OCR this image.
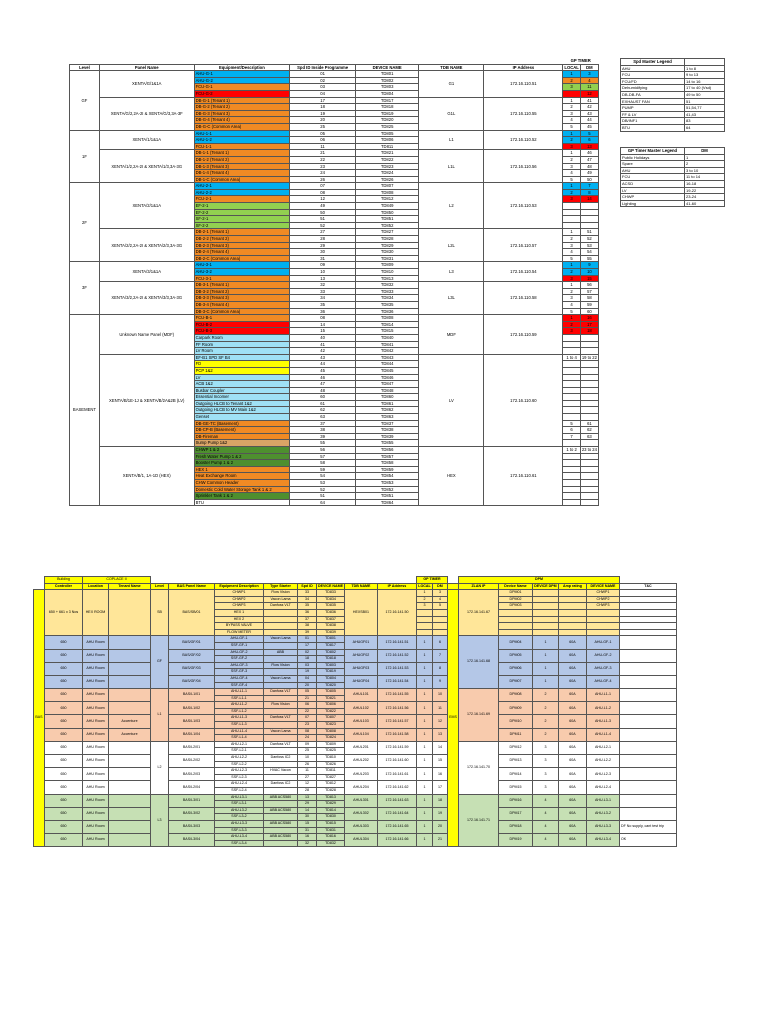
							GP TIMER	
Level	Panel Name	Equipment/Description	Spd ID Inside Programme	DEVICE NAME	TDB NAME	IP Address	LOCAL	DM
GF	XENTA/G/1&1A	AHU-G-1	01	TD801	G1	172.16.110.51	1	3
		AHU-G-2	02	TD802			2	4
		FCU-G-1	03	TD803			3	11
		FCU-G-2	04	TD804				12
	XENTA/G/2,2A-2I & XENTA/G/3,3A-3F	DB-G-1 (Tenant 1)	17	TD817	G1L	172.16.110.55	1	41
		DB-G-2 (Tenant 2)	18	TD818			2	42
		DB-G-3 (Tenant 3)	19	TD819			3	43
		DB-G-4 (Tenant 4)	20	TD820			4	44
		DB-G-C (Common Area)	25	TD825			5	45
1F	XENTA/1/1&1A	AHU-1-1	05	TD805	L1	172.16.110.52	1	5
		AHU-1-2	06	TD806			2	6
		FCU-1-1	11	TD811			3	13
	XENTA/1/2,2A-2I & XENTA/1/3,3A-3G	DB-1-1 (Tenant 1)	21	TD821	L1L	172.16.110.56	1	46
		DB-1-2 (Tenant 2)	22	TD822			2	47
		DB-1-3 (Tenant 3)	23	TD823			3	48
		DB-1-4 (Tenant 4)	24	TD824			4	49
		DB-1-C (Common Area)	26	TD826			5	50
2F	XENTA/2/1&1A	AHU-2-1	07	TD807	L2	172.16.110.53	1	7
		AHU-2-2	08	TD808			2	8
		FCU-2-1	12	TD812			3	14
		EF-2-1	49	TD849				
		EF-2-2	50	TD850				
		SF-2-1	51	TD851				
		SF-2-2	52	TD852				
	XENTA/2/2,2A-2I & XENTA/2/3,3A-3G	DB-2-1 (Tenant 1)	27	TD827	L2L	172.16.110.57	1	51
		DB-2-2 (Tenant 2)	28	TD828			2	52
		DB-2-3 (Tenant 3)	29	TD829			3	53
		DB-2-4 (Tenant 4)	30	TD830			4	54
		DB-2-C (Common Area)	31	TD831			5	55
3F	XENTA/3/1&1A	AHU-3-1	09	TD809	L3	172.16.110.54	1	9
		AHU-3-2	10	TD810			2	10
		FCU-3-1	13	TD813			3	15
	XENTA/3/2,2A-2I & XENTA/3/3,3A-3G	DB-3-1 (Tenant 1)	32	TD832	L3L	172.16.110.58	1	56
		DB-3-2 (Tenant 2)	33	TD833			2	57
		DB-3-3 (Tenant 3)	34	TD834			3	58
		DB-3-4 (Tenant 4)	35	TD835			4	59
		DB-3-C (Common Area)	36	TD836			5	60
BASEMENT	Unknown Name Panel (MDF)	FCU-B-1	08	TD808	MDF	172.16.110.59	1	16
		FCU-B-2	14	TD814			2	17
		FCU-B-3	15	TD815			3	18
		Carpark Room	40	TD840				
		FF Room	41	TD841				
		LV Room	42	TD842				
	XENTA/B/1E-1J & XENTA/B/2A&2B (LV)	EF-B1 SPD SF B4	43	TD843	LV	172.16.110.60	1 to 4	19 to 22
		FD	44	TD844				
		PCP 1&2	45	TD845				
		LV	46	TD846				
		ACB 1&2	47	TD847				
		Busbar Coupler	48	TD848				
		Essential Incomer	60	TD860				
		Outgoing HLCB to Tenant 1&2	61	TD861				
		Outgoing HLCB to MV Main 1&2	62	TD862				
		Genset	63	TD863				
		DB-GE-TC (Basement)	37	TD837			5	61
		DB-CP-B (Basement)	38	TD838			6	62
		DB-Fireman	39	TD839			7	63
		Sump Pump 1&2	55	TD855				
	XENTA/B/1, 1A-1D (HEX)	CHWP 1 & 2	56	TD856	HEX	172.16.110.61	1 to 2	23 to 24
		Fresh Water Pump 1 & 2	57	TD857				
		Booster Pump 1 & 2	58	TD858				
		HEX 1	59	TD859				
		Heat Exchange Room	54	TD854				
		CHW Common Header	53	TD853				
		Domestic Cold Water Storage Tank 1 & 2	52	TD852				
		Sprinkler Tank 1 & 2	51	TD851				
		BTU	64	TD864				
Spd Master Legend	
AHU	1 to 8
FCU	9 to 13
FCU/FD	14 to 16
Dehumidifying	17 to 40 (Vsd)
DB-DB-FA	49 to 50
EXHAUST FAN	51
PUMP	51,54,77
FF & LV	41,43
DB/INF1	83
BTU	64
GP Timer Master Legend	DM
Public Holidays	1
Spare	2
AHU	3 to 10
FCU	11 to 14
ACSD	16-18
LV	19-22
CHWP	23-24
Lighting	41-60
	Building	COPLACE II										GP TIMER			DPM					
	Controller	Location	Tenant Name	Level	BAS Panel Name	Equipment Description	Type Starter	Spd ID	DEVICE NAME	TDB NAME	IP Address	LOCAL	DM		ZLAN IP	Device Name	DEVICE DPM	Amp rating	DEVICE NAME	T&C
BAS	650 + 661 x 3 Nos	HEX ROOM		SB	BAS/SB/01	CHWP1	Flow Vision	33	TD833	HEXSB01	172.16.141.50	1	3	EMS	172.16.141.67	DPM01			CHWP1	
						CHWP2	Vacon Lama	34	TD834			2	4			DPM02			CHWP2	
						CHWP3	Danfoss VLT	35	TD835			3	5			DPM03			CHWP3	
						HEX 1		36	TD836											
						HEX 2		37	TD837											
						BYPASS VALVE		38	TD838											
						FLOW METER		39	TD839											
	650	AHU Room		GF	BAS/GF/01	AHU-GF-1	Vacon Lama	01	TD801	AHUGF01	172.16.141.51	1	6		172.16.141.68	DPM04	1	60A	AHU-GF-1	
						SSF-GF-1		17	TD817											
	650	AHU Room			BAS/GF/02	AHU-GF-2	ABB	02	TD802	AHUGF02	172.16.141.52	1	7			DPM05	1	60A	AHU-GF-2	
						SSF-GF-2		18	TD818											
	650	AHU Room			BAS/GF/03	AHU-GF-3	Flow Vision	03	TD803	AHUGF03	172.16.141.53	1	8			DPM06	1	60A	AHU-GF-3	
						SSF-GF-3		19	TD819											
	650	AHU Room			BAS/GF/04	AHU-GF-4	Vacon Lama	04	TD804	AHUGF04	172.16.141.54	1	9			DPM07	1	60A	AHU-GF-4	
						SSF-GF-4		20	TD820											
	650	AHU Room		L1	BAS/L1/01	AHU-L1-1	Danfoss VLT	05	TD805	AHUL101	172.16.141.55	1	10		172.16.141.69	DPM08	2	60A	AHU-L1-1	
						SSF-L1-1		21	TD821											
	650	AHU Room			BAS/L1/02	AHU-L1-2	Flow Vision	06	TD806	AHUL102	172.16.141.56	1	11			DPM09	2	60A	AHU-L1-2	
						SSF-L1-2		22	TD822											
	650	AHU Room	Accenture		BAS/L1/03	AHU-L1-3	Danfoss VLT	07	TD807	AHUL103	172.16.141.57	1	12			DPM10	2	60A	AHU-L1-3	
						SSF-L1-3		23	TD823											
	650	AHU Room	Accenture		BAS/L1/04	AHU-L1-4	Vacon Lama	08	TD808	AHUL104	172.16.141.58	1	13			DPM11	2	60A	AHU-L1-4	
						SSF-L1-4		24	TD824											
	650	AHU Room		L2	BAS/L2/01	AHU-L2-1	Danfoss VLT	09	TD809	AHUL201	172.16.141.59	1	14		172.16.141.70	DPM12	3	60A	AHU-L2-1	
						SSF-L2-1		25	TD825											
	650	AHU Room			BAS/L2/02	AHU-L2-2	Danfoss IC2	10	TD810	AHUL202	172.16.141.60	1	15			DPM13	3	60A	AHU-L2-2	
						SSF-L2-2		26	TD826											
	650	AHU Room			BAS/L2/03	AHU-L2-3	HVAC Vacon	11	TD811	AHUL203	172.16.141.61	1	16			DPM14	3	60A	AHU-L2-3	
						SSF-L2-3		27	TD827											
	650	AHU Room			BAS/L2/04	AHU-L2-4	Danfoss IC2	12	TD812	AHUL204	172.16.141.62	1	17			DPM15	3	60A	AHU-L2-4	
						SSF-L2-4		28	TD828											
	650	AHU Room		L3	BAS/L3/01	AHU-L3-1	ABB ACS580	13	TD813	AHUL301	172.16.141.63	1	18		172.16.141.71	DPM16	4	60A	AHU-L3-1	
						SSF-L3-1		29	TD829											
	650	AHU Room			BAS/L3/02	AHU-L3-2	ABB ACS580	14	TD814	AHUL302	172.16.141.64	1	19			DPM17	4	60A	AHU-L3-2	
						SSF-L3-2		30	TD830											
	650	AHU Room			BAS/L3/03	AHU-L3-3	ABB ACS580	15	TD815	AHUL303	172.16.141.65	1	20			DPM18	4	60A	AHU-L3-3	DF No supply, cant test trip
						SSF-L3-3		31	TD831											
	650	AHU Room			BAS/L3/04	AHU-L3-4	ABB ACS580	16	TD816	AHUL304	172.16.141.66	1	21			DPM19	4	60A	AHU-L3-4	OK
						SSF-L3-4		32	TD832											
